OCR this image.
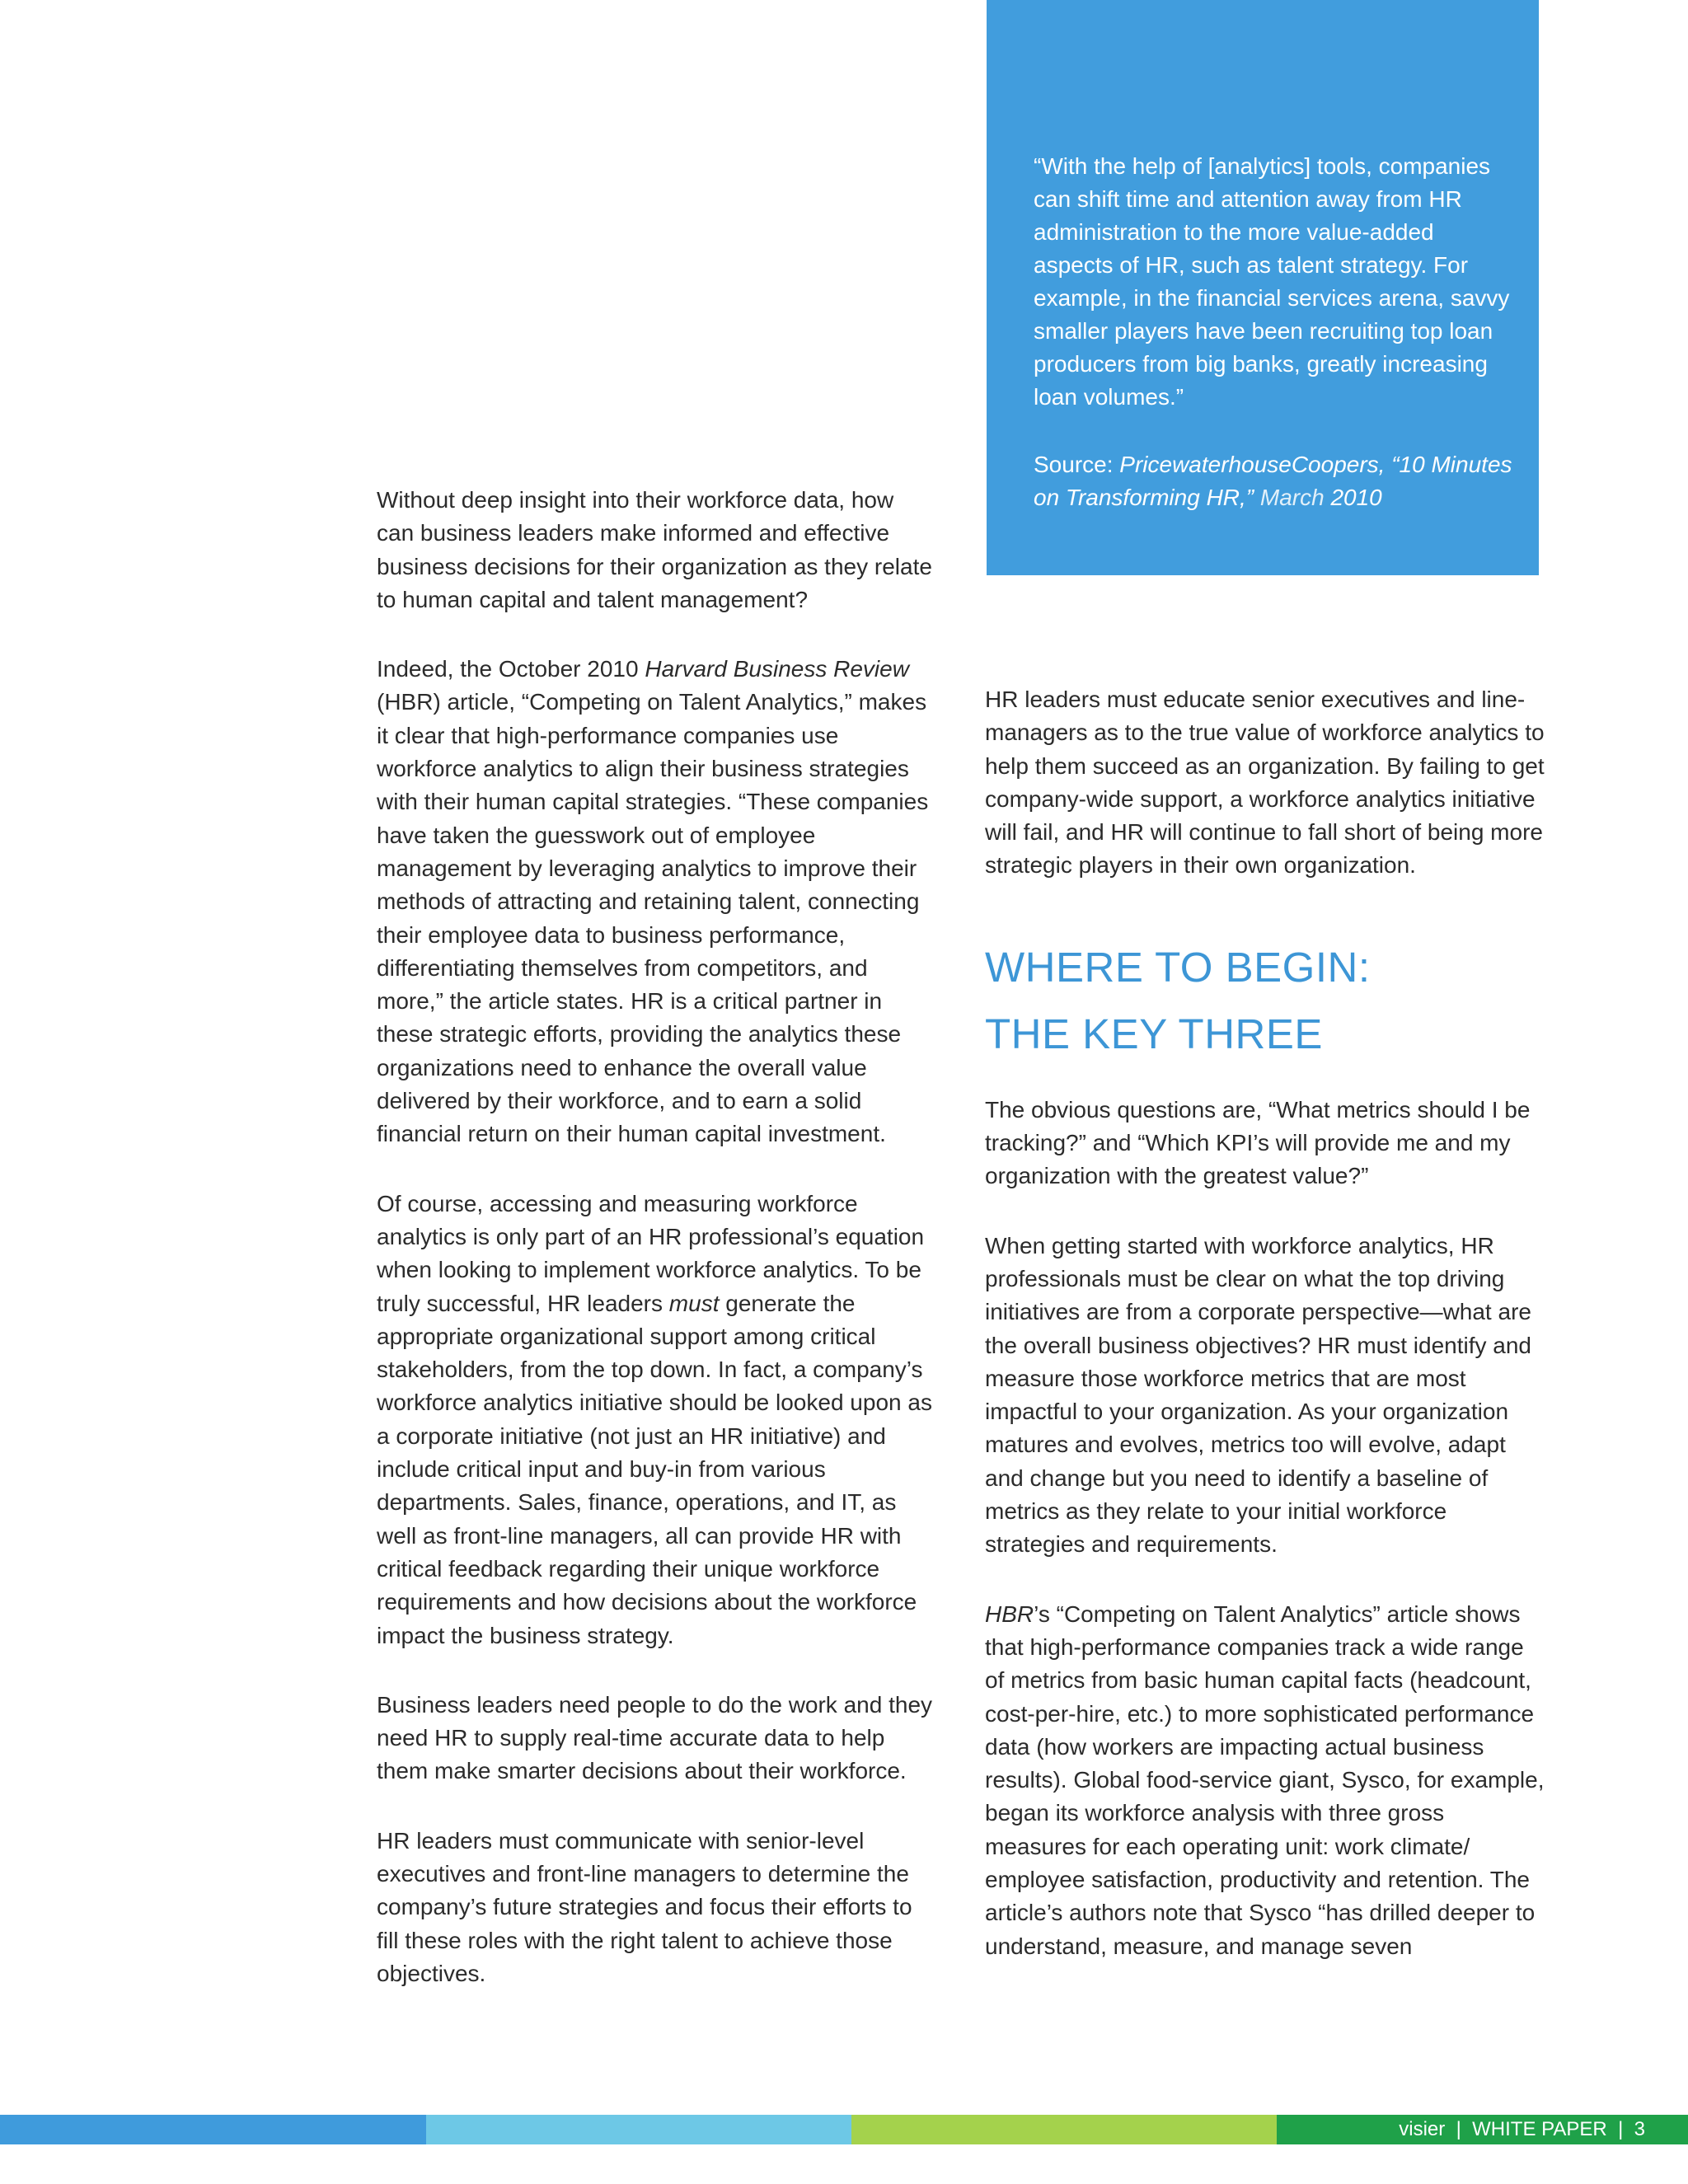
“With the help of [analytics] tools, companies can shift time and attention away from HR administration to the more value-added aspects of HR, such as talent strategy. For example, in the financial services arena, savvy smaller players have been recruiting top loan producers from big banks, greatly increasing loan volumes.”

Source: PricewaterhouseCoopers, “10 Minutes on Transforming HR,” March 2010

Without deep insight into their workforce data, how can business leaders make informed and effective business decisions for their organization as they relate to human capital and talent management?

Indeed, the October 2010 Harvard Business Review (HBR) article, “Competing on Talent Analytics,” makes it clear that high-performance companies use workforce analytics to align their business strategies with their human capital strategies. “These companies have taken the guesswork out of employee management by leveraging analytics to improve their methods of attracting and retaining talent, connecting their employee data to business performance, differentiating themselves from competitors, and more,” the article states. HR is a critical partner in these strategic efforts, providing the analytics these organizations need to enhance the overall value delivered by their workforce, and to earn a solid financial return on their human capital investment.

Of course, accessing and measuring workforce analytics is only part of an HR professional’s equation when looking to implement workforce analytics. To be truly successful, HR leaders must generate the appropriate organizational support among critical stakeholders, from the top down. In fact, a company’s workforce analytics initiative should be looked upon as a corporate initiative (not just an HR initiative) and include critical input and buy-in from various departments. Sales, finance, operations, and IT, as well as front-line managers, all can provide HR with critical feedback regarding their unique workforce requirements and how decisions about the workforce impact the business strategy.

Business leaders need people to do the work and they need HR to supply real-time accurate data to help them make smarter decisions about their workforce.

HR leaders must communicate with senior-level executives and front-line managers to determine the company’s future strategies and focus their efforts to fill these roles with the right talent to achieve those objectives.

HR leaders must educate senior executives and line-managers as to the true value of workforce analytics to help them succeed as an organization. By failing to get company-wide support, a workforce analytics initiative will fail, and HR will continue to fall short of being more strategic players in their own organization.

WHERE TO BEGIN:
THE KEY THREE

The obvious questions are, “What metrics should I be tracking?” and “Which KPI’s will provide me and my organization with the greatest value?”

When getting started with workforce analytics, HR professionals must be clear on what the top driving initiatives are from a corporate perspective—what are the overall business objectives? HR must identify and measure those workforce metrics that are most impactful to your organization. As your organization matures and evolves, metrics too will evolve, adapt and change but you need to identify a baseline of metrics as they relate to your initial workforce strategies and requirements.

HBR’s “Competing on Talent Analytics” article shows that high-performance companies track a wide range of metrics from basic human capital facts (headcount, cost-per-hire, etc.) to more sophisticated performance data (how workers are impacting actual business results). Global food-service giant, Sysco, for example, began its workforce analysis with three gross measures for each operating unit: work climate/ employee satisfaction, productivity and retention. The article’s authors note that Sysco “has drilled deeper to understand, measure, and manage seven

visier | WHITE PAPER | 3
